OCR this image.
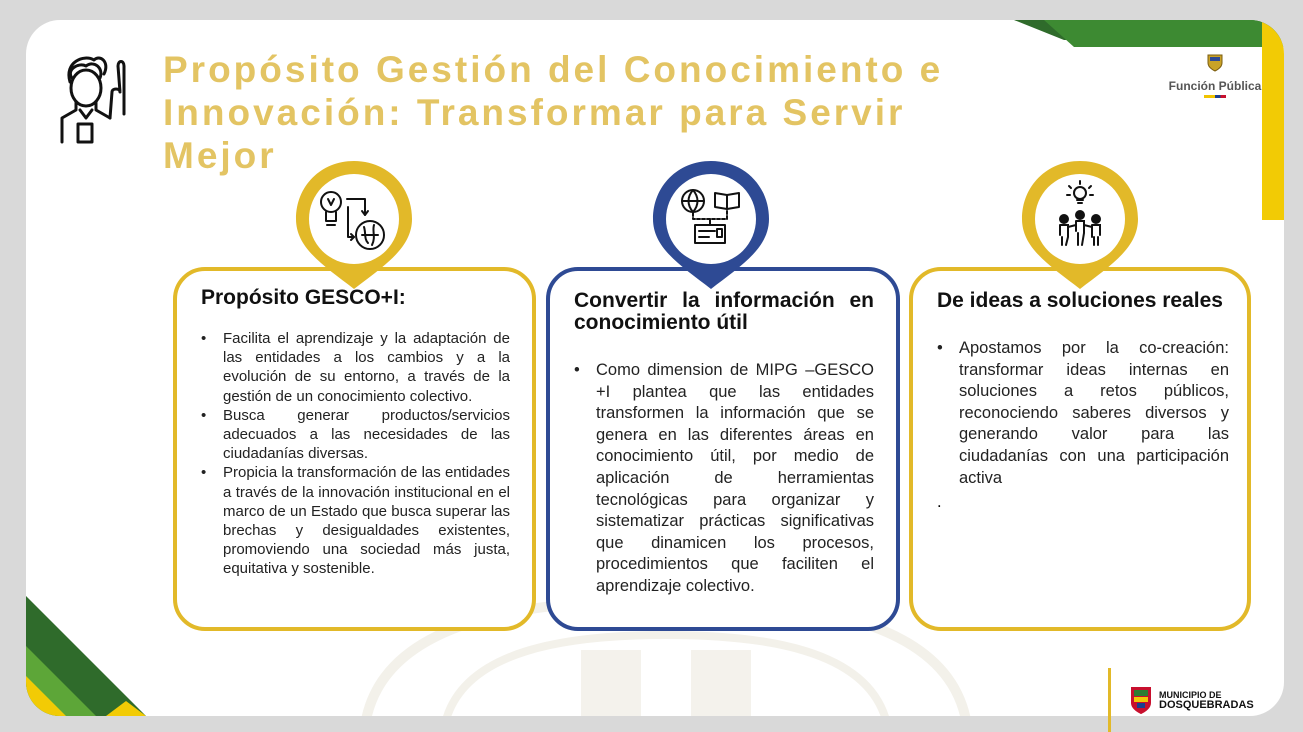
Propósito Gestión del Conocimiento e Innovación: Transformar para Servir Mejor
Función Pública
Propósito GESCO+I:
• Facilita el aprendizaje y la adaptación de las entidades a los cambios y a la evolución de su entorno, a través de la gestión de un conocimiento colectivo.
• Busca generar productos/servicios adecuados a las necesidades de las ciudadanías diversas.
• Propicia la transformación de las entidades a través de la innovación institucional en el marco de un Estado que busca superar las brechas y desigualdades existentes, promoviendo una sociedad más justa, equitativa y sostenible.
Convertir la información en conocimiento útil
• Como dimension de MIPG –GESCO +I plantea que las entidades transformen la información que se genera en las diferentes áreas en conocimiento útil, por medio de aplicación de herramientas tecnológicas para organizar y sistematizar prácticas significativas que dinamicen los procesos, procedimientos que faciliten el aprendizaje colectivo.
De ideas a soluciones reales
• Apostamos por la co-creación: transformar ideas internas en soluciones a retos públicos, reconociendo saberes diversos y generando valor para las ciudadanías con una participación activa
.
MUNICIPIO DE
DOSQUEBRADAS
